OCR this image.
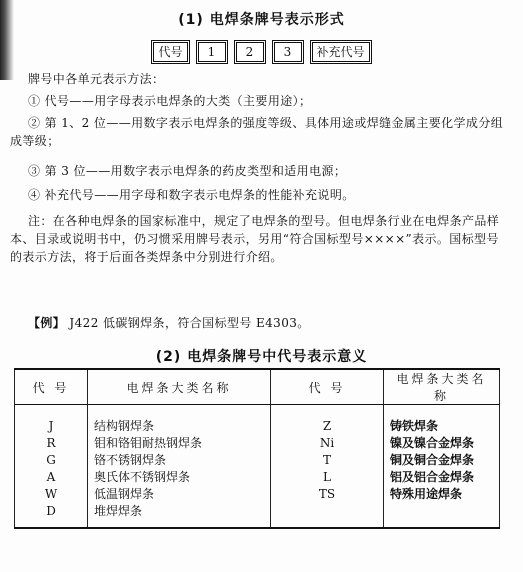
(1) 电焊条牌号表示形式
代号	1	2	3	补充代号
牌号中各单元表示方法：
① 代号——用字母表示电焊条的大类（主要用途）；
② 第 1、2 位——用数字表示电焊条的强度等级、具体用途或焊缝金属主要化学成分组成等级；
③ 第 3 位——用数字表示电焊条的药皮类型和适用电源；
④ 补充代号——用字母和数字表示电焊条的性能补充说明。
注：在各种电焊条的国家标准中，规定了电焊条的型号。但电焊条行业在电焊条产品样本、目录或说明书中，仍习惯采用牌号表示，另用“符合国标型号××××”表示。国标型号的表示方法，将于后面各类焊条中分别进行介绍。
【例】 J422 低碳钢焊条，符合国标型号 E4303。
(2) 电焊条牌号中代号表示意义
代 号	电焊条大类名称	代 号	电焊条大类名称
J	结构钢焊条	Z	铸铁焊条
R	钼和铬钼耐热钢焊条	Ni	镍及镍合金焊条
G	铬不锈钢焊条	T	铜及铜合金焊条
A	奥氏体不锈钢焊条	L	铝及铝合金焊条
W	低温钢焊条	TS	特殊用途焊条
D	堆焊焊条		
